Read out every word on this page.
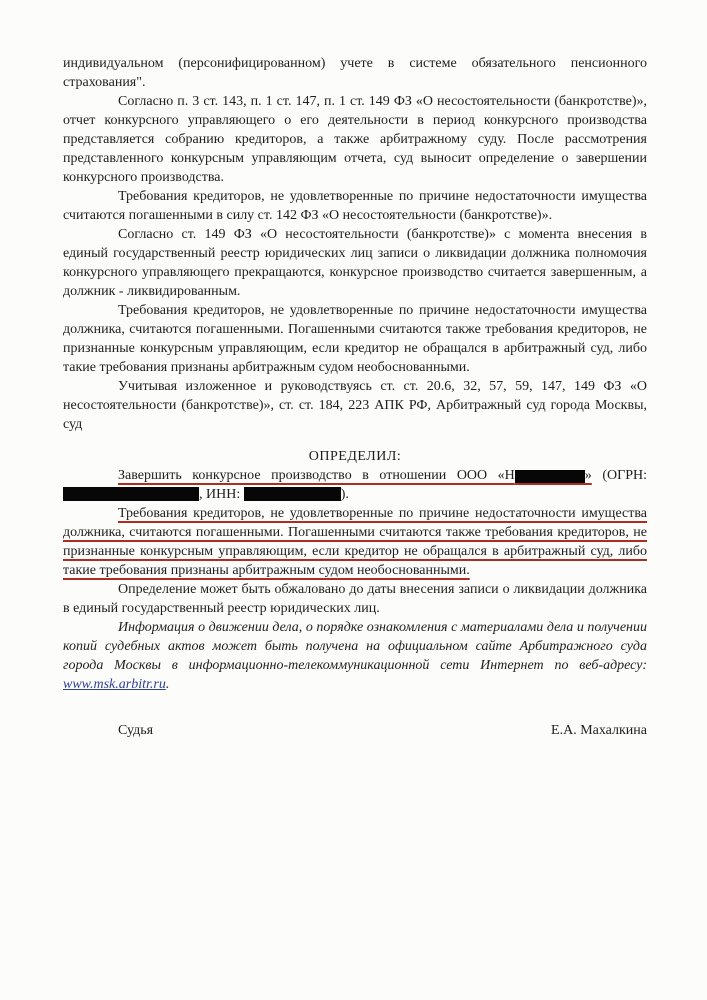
индивидуальном (персонифицированном) учете в системе обязательного пенсионного страхования".

Согласно п. 3 ст. 143, п. 1 ст. 147, п. 1 ст. 149 ФЗ «О несостоятельности (банкротстве)», отчет конкурсного управляющего о его деятельности в период конкурсного производства представляется собранию кредиторов, а также арбитражному суду. После рассмотрения представленного конкурсным управляющим отчета, суд выносит определение о завершении конкурсного производства.

Требования кредиторов, не удовлетворенные по причине недостаточности имущества считаются погашенными в силу ст. 142 ФЗ «О несостоятельности (банкротстве)».

Согласно ст. 149 ФЗ «О несостоятельности (банкротстве)» с момента внесения в единый государственный реестр юридических лиц записи о ликвидации должника полномочия конкурсного управляющего прекращаются, конкурсное производство считается завершенным, а должник - ликвидированным.

Требования кредиторов, не удовлетворенные по причине недостаточности имущества должника, считаются погашенными. Погашенными считаются также требования кредиторов, не признанные конкурсным управляющим, если кредитор не обращался в арбитражный суд, либо такие требования признаны арбитражным судом необоснованными.

Учитывая изложенное и руководствуясь ст. ст. 20.6, 32, 57, 59, 147, 149 ФЗ «О несостоятельности (банкротстве)», ст. ст. 184, 223 АПК РФ, Арбитражный суд города Москвы, суд

ОПРЕДЕЛИЛ:
Завершить конкурсное производство в отношении ООО «Н	» (ОГРН:
, ИНН:	).

Требования кредиторов, не удовлетворенные по причине недостаточности имущества должника, считаются погашенными. Погашенными считаются также требования кредиторов, не признанные конкурсным управляющим, если кредитор не обращался в арбитражный суд, либо такие требования признаны арбитражным судом необоснованными.

Определение может быть обжаловано до даты внесения записи о ликвидации должника в единый государственный реестр юридических лиц.

Информация о движении дела, о порядке ознакомления с материалами дела и получении копий судебных актов может быть получена на официальном сайте Арбитражного суда города Москвы в информационно-телекоммуникационной сети Интернет по веб-адресу: www.msk.arbitr.ru.

Судья	Е.А. Махалкина
